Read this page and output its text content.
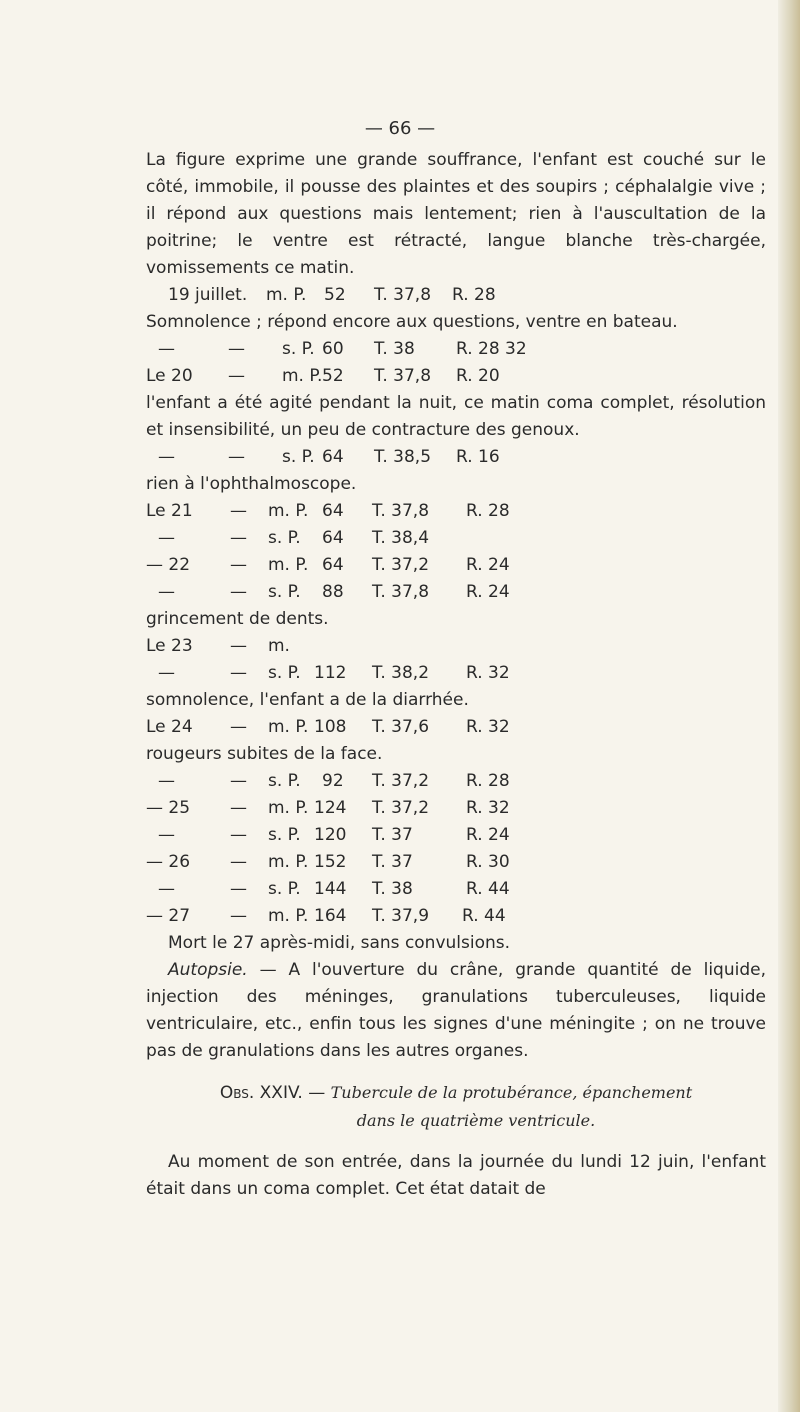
— 66 —

La figure exprime une grande souffrance, l'enfant est couché sur le côté, immobile, il pousse des plaintes et des soupirs ; céphalalgie vive ; il répond aux questions mais lentement; rien à l'auscultation de la poitrine; le ventre est rétracté, langue blanche très-chargée, vomissements ce matin.

19 juillet. m. P. 52 T. 37,8 R. 28

Somnolence ; répond encore aux questions, ventre en bateau.

—	— s. P. 60 T. 38 R. 28 32
Le 20 — m. P. 52 T. 37,8 R. 20

l'enfant a été agité pendant la nuit, ce matin coma complet, résolution et insensibilité, un peu de contracture des genoux.

—	— s. P. 64 T. 38,5 R. 16

rien à l'ophthalmoscope.

Le 21 — m. P. 64 T. 37,8 R. 28
—	— s. P. 64 T. 38,4
— 22 — m. P. 64 T. 37,2 R. 24
—	— s. P. 88 T. 37,8 R. 24

grincement de dents.

Le 23 — m.
—	— s. P. 112 T. 38,2 R. 32

somnolence, l'enfant a de la diarrhée.

Le 24 — m. P. 108 T. 37,6 R. 32

rougeurs subites de la face.

—	— s. P. 92 T. 37,2 R. 28
— 25 — m. P. 124 T. 37,2 R. 32
—	— s. P. 120 T. 37	R. 24
— 26 — m. P. 152 T. 37	R. 30
—	— s. P. 144 T. 38	R. 44
— 27 — m. P. 164 T. 37,9 R. 44

Mort le 27 après-midi, sans convulsions.

Autopsie. — A l'ouverture du crâne, grande quantité de liquide, injection des méninges, granulations tuberculeuses, liquide ventriculaire, etc., enfin tous les signes d'une méningite ; on ne trouve pas de granulations dans les autres organes.

Obs. XXIV. — Tubercule de la protubérance, épanchement
dans le quatrième ventricule.

Au moment de son entrée, dans la journée du lundi 12 juin, l'enfant était dans un coma complet. Cet état datait de
